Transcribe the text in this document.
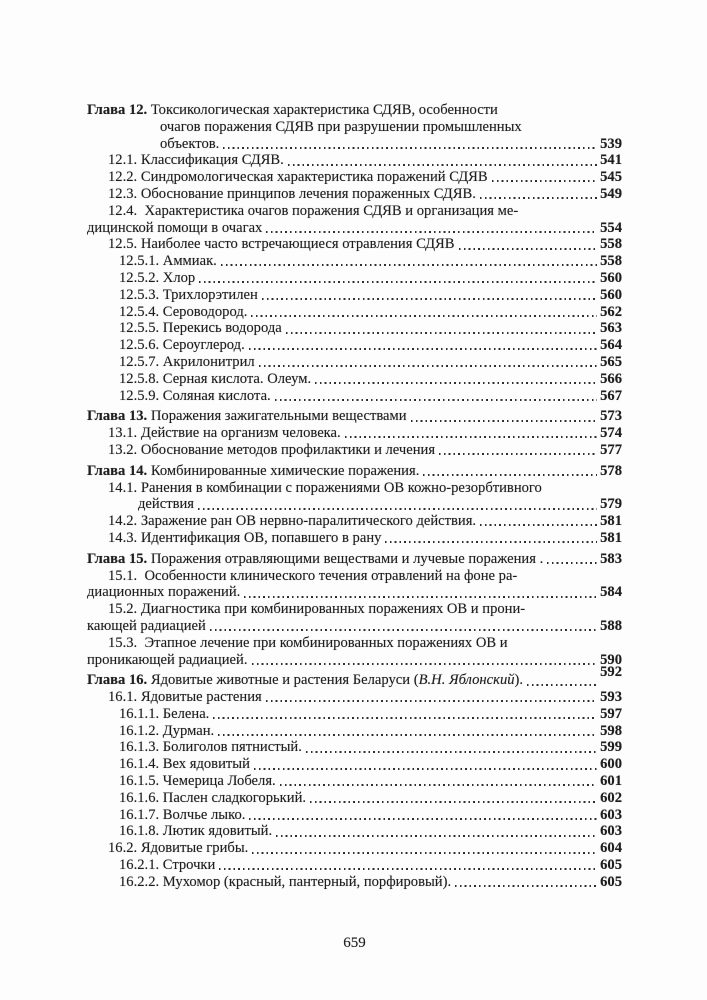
Глава 12. Токсикологическая характеристика СДЯВ, особенности
очагов поражения СДЯВ при разрушении промышленных
объектов.	539
12.1. Классификация СДЯВ.	541
12.2. Синдромологическая характеристика поражений СДЯВ	545
12.3. Обоснование принципов лечения пораженных СДЯВ.	549
12.4.  Характеристика очагов поражения СДЯВ и организация ме-
дицинской помощи в очагах	554
12.5. Наиболее часто встречающиеся отравления СДЯВ	558
12.5.1. Аммиак.	558
12.5.2. Хлор	560
12.5.3. Трихлорэтилен	560
12.5.4. Сероводород.	562
12.5.5. Перекись водорода	563
12.5.6. Сероуглерод.	564
12.5.7. Акрилонитрил	565
12.5.8. Серная кислота. Олеум.	566
12.5.9. Соляная кислота.	567
Глава 13. Поражения зажигательными веществами	573
13.1. Действие на организм человека.	574
13.2. Обоснование методов профилактики и лечения	577
Глава 14. Комбинированные химические поражения.	578
14.1. Ранения в комбинации с поражениями ОВ кожно-резорбтивного
действия	579
14.2. Заражение ран ОВ нервно-паралитического действия.	581
14.3. Идентификация ОВ, попавшего в рану	581
Глава 15. Поражения отравляющими веществами и лучевые поражения .	583
15.1.  Особенности клинического течения отравлений на фоне ра-
диационных поражений.	584
15.2. Диагностика при комбинированных поражениях ОВ и прони-
кающей радиацией	588
15.3.  Этапное лечение при комбинированных поражениях ОВ и
проникающей радиацией.	590
Глава 16. Ядовитые животные и растения Беларуси ( В.Н. Яблонский ).	592
16.1. Ядовитые растения	593
16.1.1. Белена.	597
16.1.2. Дурман.	598
16.1.3. Болиголов пятнистый.	599
16.1.4. Вех ядовитый	600
16.1.5. Чемерица Лобеля.	601
16.1.6. Паслен сладкогорький.	602
16.1.7. Волчье лыко.	603
16.1.8. Лютик ядовитый.	603
16.2. Ядовитые грибы.	604
16.2.1. Строчки	605
16.2.2. Мухомор (красный, пантерный, порфировый).	605
659
